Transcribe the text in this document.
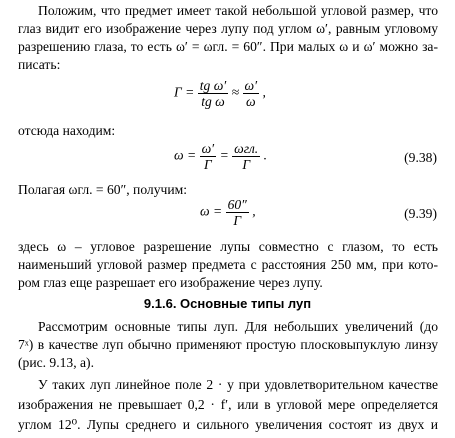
Положим, что предмет имеет такой небольшой угловой размер, что
глаз видит его изображение через лупу под углом ω′, равным угловому
разрешению глаза, то есть ω′ = ωгл. = 60″. При малых ω и ω′ можно за-
писать:
$\Gamma = \frac{\text{tg ω′}}{\text{tg ω}} \approx \frac{\omega'}{\omega}$ ,
отсюда находим:
$\omega = \frac{\omega'}{\Gamma} = \frac{\text{ωгл.}}{\Gamma}$ .	(9.38)
Полагая ωгл. = 60″, получим:
$\omega = \frac{60''}{\Gamma}$ ,	(9.39)
здесь ω – угловое разрешение лупы совместно с глазом, то есть
наименьший угловой размер предмета с расстояния 250 мм, при кото-
ром глаз еще разрешает его изображение через лупу.
9.1.6. Основные типы луп
Рассмотрим основные типы луп. Для небольших увеличений (до
7ˣ) в качестве луп обычно применяют простую плосковыпуклую линзу
(рис. 9.13, а).
У таких луп линейное поле 2 · y при удовлетворительном качестве
изображения не превышает 0,2 · f′, или в угловой мере определяется
углом 12⁰. Лупы среднего и сильного увеличения состоят из двух и
